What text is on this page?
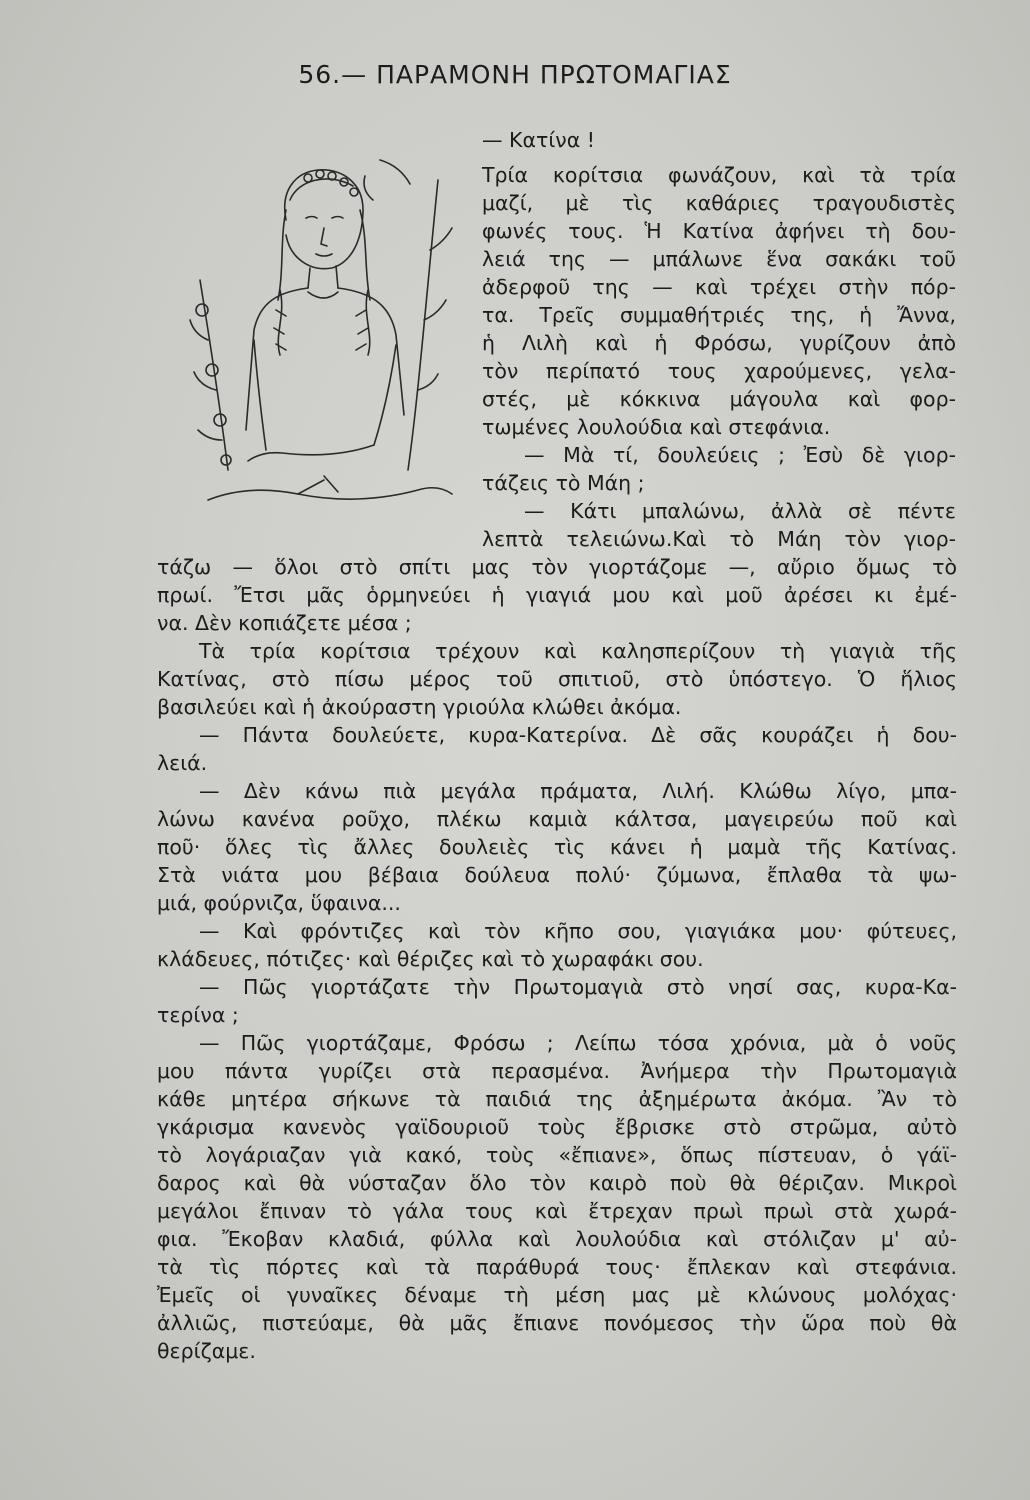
56.— ΠΑΡΑΜΟΝΗ ΠΡΩΤΟΜΑΓΙΑΣ
— Κατίνα !
Τρία κορίτσια φωνάζουν, καὶ τὰ τρία
μαζί, μὲ τὶς καθάριες τραγουδιστὲς
φωνές τους. Ἡ Κατίνα ἀφήνει τὴ δου-
λειά της — μπάλωνε ἕνα σακάκι τοῦ
ἀδερφοῦ της — καὶ τρέχει στὴν πόρ-
τα. Τρεῖς συμμαθήτριές της, ἡ Ἄννα,
ἡ Λιλὴ καὶ ἡ Φρόσω, γυρίζουν ἀπὸ
τὸν περίπατό τους χαρούμενες, γελα-
στές, μὲ κόκκινα μάγουλα καὶ φορ-
τωμένες λουλούδια καὶ στεφάνια.
— Μὰ τί, δουλεύεις ; Ἐσὺ δὲ γιορ-
τάζεις τὸ Μάη ;
— Κάτι μπαλώνω, ἀλλὰ σὲ πέντε
λεπτὰ τελειώνω.Καὶ τὸ Μάη τὸν γιορ-
τάζω — ὅλοι στὸ σπίτι μας τὸν γιορτάζομε —, αὔριο ὅμως τὸ
πρωί. Ἔτσι μᾶς ὁρμηνεύει ἡ γιαγιά μου καὶ μοῦ ἀρέσει κι ἐμέ-
να. Δὲν κοπιάζετε μέσα ;
Τὰ τρία κορίτσια τρέχουν καὶ καλησπερίζουν τὴ γιαγιὰ τῆς
Κατίνας, στὸ πίσω μέρος τοῦ σπιτιοῦ, στὸ ὑπόστεγο. Ὁ ἥλιος
βασιλεύει καὶ ἡ ἀκούραστη γριούλα κλώθει ἀκόμα.
— Πάντα δουλεύετε, κυρα-Κατερίνα. Δὲ σᾶς κουράζει ἡ δου-
λειά.
— Δὲν κάνω πιὰ μεγάλα πράματα, Λιλή. Κλώθω λίγο, μπα-
λώνω κανένα ροῦχο, πλέκω καμιὰ κάλτσα, μαγειρεύω ποῦ καὶ
ποῦ· ὅλες τὶς ἄλλες δουλειὲς τὶς κάνει ἡ μαμὰ τῆς Κατίνας.
Στὰ νιάτα μου βέβαια δούλευα πολύ· ζύμωνα, ἔπλαθα τὰ ψω-
μιά, φούρνιζα, ὕφαινα...
— Καὶ φρόντιζες καὶ τὸν κῆπο σου, γιαγιάκα μου· φύτευες,
κλάδευες, πότιζες· καὶ θέριζες καὶ τὸ χωραφάκι σου.
— Πῶς γιορτάζατε τὴν Πρωτομαγιὰ στὸ νησί σας, κυρα-Κα-
τερίνα ;
— Πῶς γιορτάζαμε, Φρόσω ; Λείπω τόσα χρόνια, μὰ ὁ νοῦς
μου πάντα γυρίζει στὰ περασμένα. Ἀνήμερα τὴν Πρωτομαγιὰ
κάθε μητέρα σήκωνε τὰ παιδιά της ἀξημέρωτα ἀκόμα. Ἂν τὸ
γκάρισμα κανενὸς γαϊδουριοῦ τοὺς ἔβρισκε στὸ στρῶμα, αὐτὸ
τὸ λογάριαζαν γιὰ κακό, τοὺς «ἔπιανε», ὅπως πίστευαν, ὁ γάϊ-
δαρος καὶ θὰ νύσταζαν ὅλο τὸν καιρὸ ποὺ θὰ θέριζαν. Μικροὶ
μεγάλοι ἔπιναν τὸ γάλα τους καὶ ἔτρεχαν πρωὶ πρωὶ στὰ χωρά-
φια. Ἔκοβαν κλαδιά, φύλλα καὶ λουλούδια καὶ στόλιζαν μ' αὐ-
τὰ τὶς πόρτες καὶ τὰ παράθυρά τους· ἔπλεκαν καὶ στεφάνια.
Ἐμεῖς οἱ γυναῖκες δέναμε τὴ μέση μας μὲ κλώνους μολόχας·
ἀλλιῶς, πιστεύαμε, θὰ μᾶς ἔπιανε πονόμεσος τὴν ὥρα ποὺ θὰ
θερίζαμε.
